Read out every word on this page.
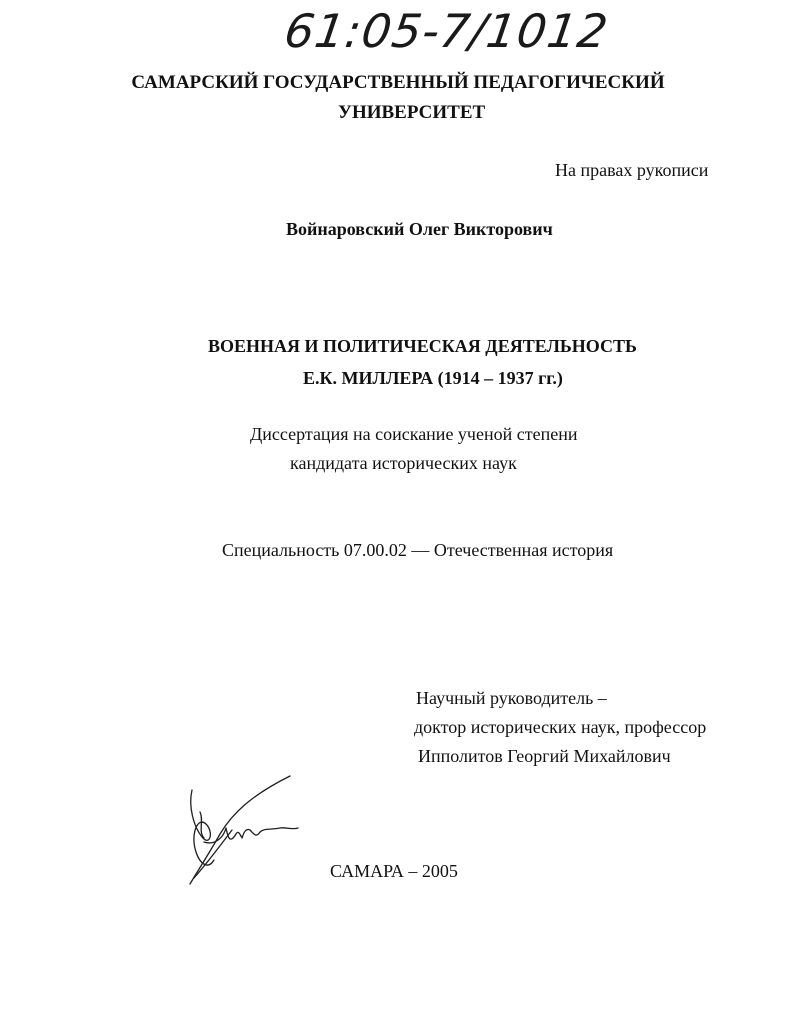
61:05-7/1012
САМАРСКИЙ ГОСУДАРСТВЕННЫЙ ПЕДАГОГИЧЕСКИЙ
УНИВЕРСИТЕТ
На правах рукописи
Войнаровский Олег Викторович
ВОЕННАЯ И ПОЛИТИЧЕСКАЯ ДЕЯТЕЛЬНОСТЬ
Е.К. МИЛЛЕРА (1914 – 1937 гг.)
Диссертация на соискание ученой степени
кандидата исторических наук
Специальность 07.00.02 — Отечественная история
Научный руководитель –
доктор исторических наук, профессор
Ипполитов Георгий Михайлович
САМАРА – 2005
